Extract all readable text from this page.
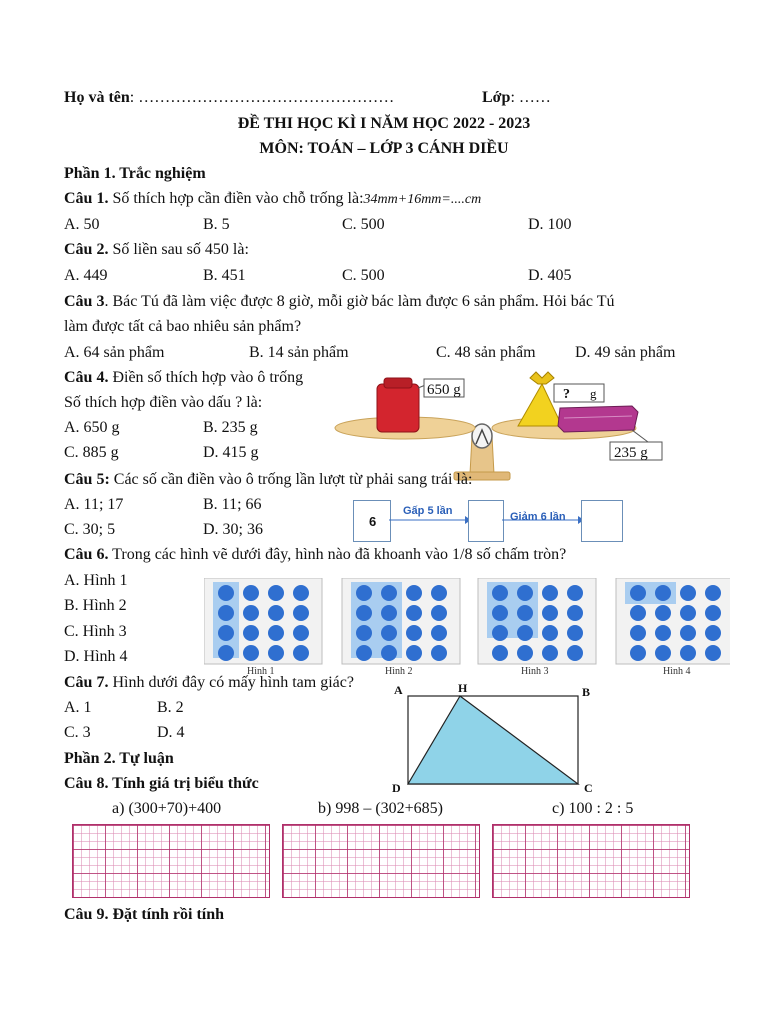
Họ và tên: …………………………………………	Lớp: ……
ĐỀ THI HỌC KÌ I NĂM HỌC 2022 - 2023
MÔN: TOÁN – LỚP 3 CÁNH DIỀU
Phần 1. Trắc nghiệm
Câu 1. Số thích hợp cần điền vào chỗ trống là:34mm+16mm=....cm
A. 50	B. 5	C. 500	D. 100
Câu 2. Số liền sau số 450 là:
A. 449	B. 451	C. 500	D. 405
Câu 3. Bác Tú đã làm việc được 8 giờ, mỗi giờ bác làm được 6 sản phẩm. Hỏi bác Tú
làm được tất cả bao nhiêu sản phẩm?
A. 64 sản phẩm	B. 14 sản phẩm	C. 48 sản phẩm D. 49 sản phẩm
Câu 4. Điền số thích hợp vào ô trống
Số thích hợp điền vào dấu ? là:
A. 650 g	B. 235 g
C. 885 g	D. 415 g
650 g	? g
235 g
Câu 5: Các số cần điền vào ô trống lần lượt từ phải sang trái là:
A. 11; 17	B. 11; 66
C. 30; 5	D. 30; 36	6
Gấp 5 lần	Giảm 6 lần
Câu 6. Trong các hình vẽ dưới đây, hình nào đã khoanh vào 1/8 số chấm tròn?
A. Hình 1
B. Hình 2
C. Hình 3
D. Hình 4
Hình 1	Hình 2	Hình 3	Hình 4
Câu 7. Hình dưới đây có mấy hình tam giác?
A. 1	B. 2
C. 3	D. 4
A	H	B
D	C
Phần 2. Tự luận
Câu 8. Tính giá trị biểu thức
a) (300+70)+400	b) 998 – (302+685)	c) 100 : 2 : 5
Câu 9. Đặt tính rồi tính
